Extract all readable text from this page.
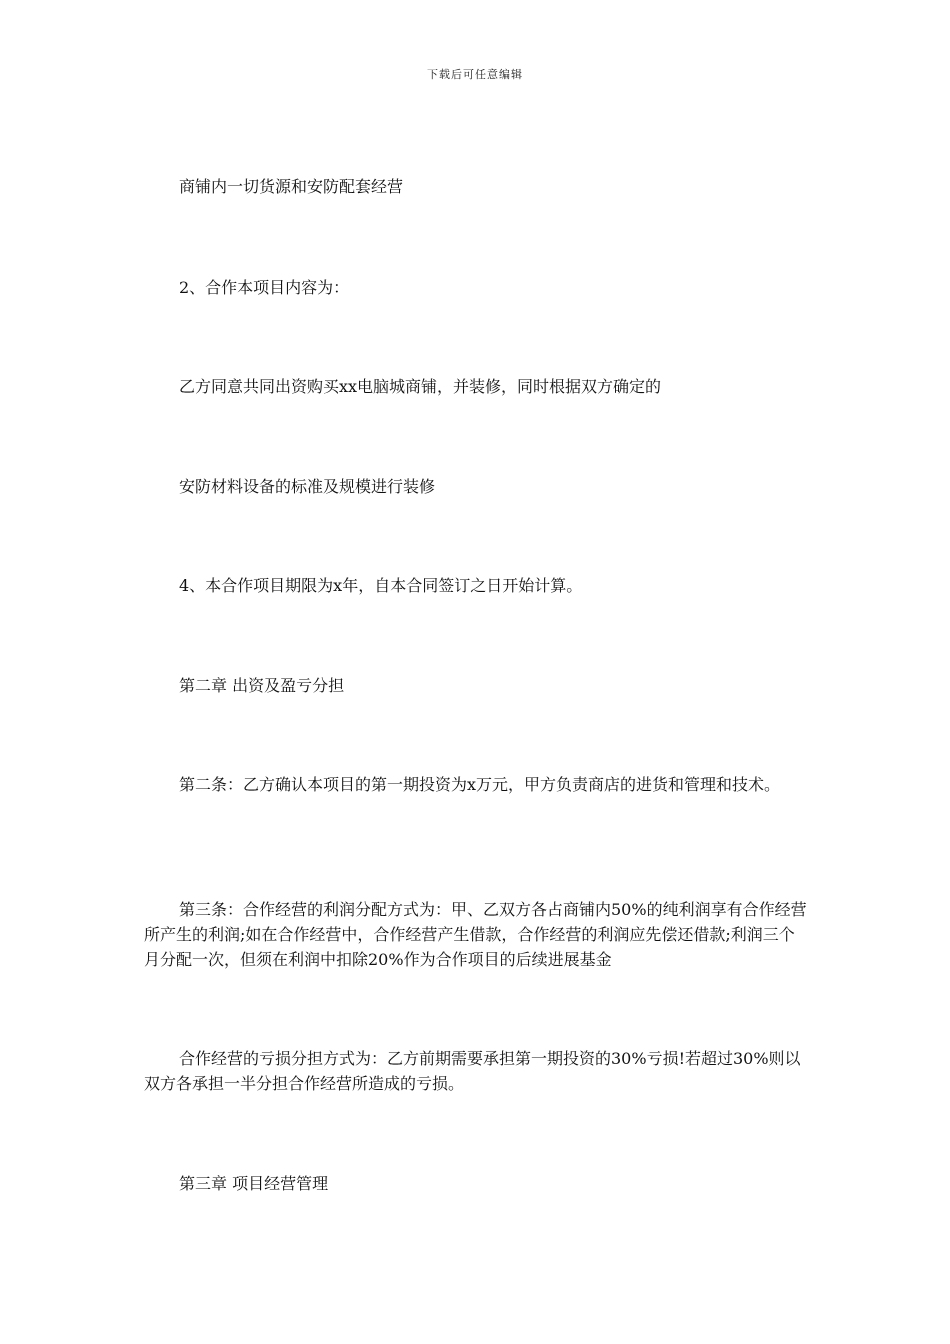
下载后可任意编辑

商铺内一切货源和安防配套经营

2、合作本项目内容为：

乙方同意共同出资购买xx电脑城商铺，并装修，同时根据双方确定的

安防材料设备的标准及规模进行装修

4、本合作项目期限为x年，自本合同签订之日开始计算。

第二章 出资及盈亏分担

第二条：乙方确认本项目的第一期投资为x万元，甲方负责商店的进货和管理和技术。

第三条：合作经营的利润分配方式为：甲、乙双方各占商铺内50%的纯利润享有合作经营所产生的利润;如在合作经营中，合作经营产生借款，合作经营的利润应先偿还借款;利润三个月分配一次，但须在利润中扣除20%作为合作项目的后续进展基金

合作经营的亏损分担方式为：乙方前期需要承担第一期投资的30%亏损!若超过30%则以双方各承担一半分担合作经营所造成的亏损。

第三章 项目经营管理
